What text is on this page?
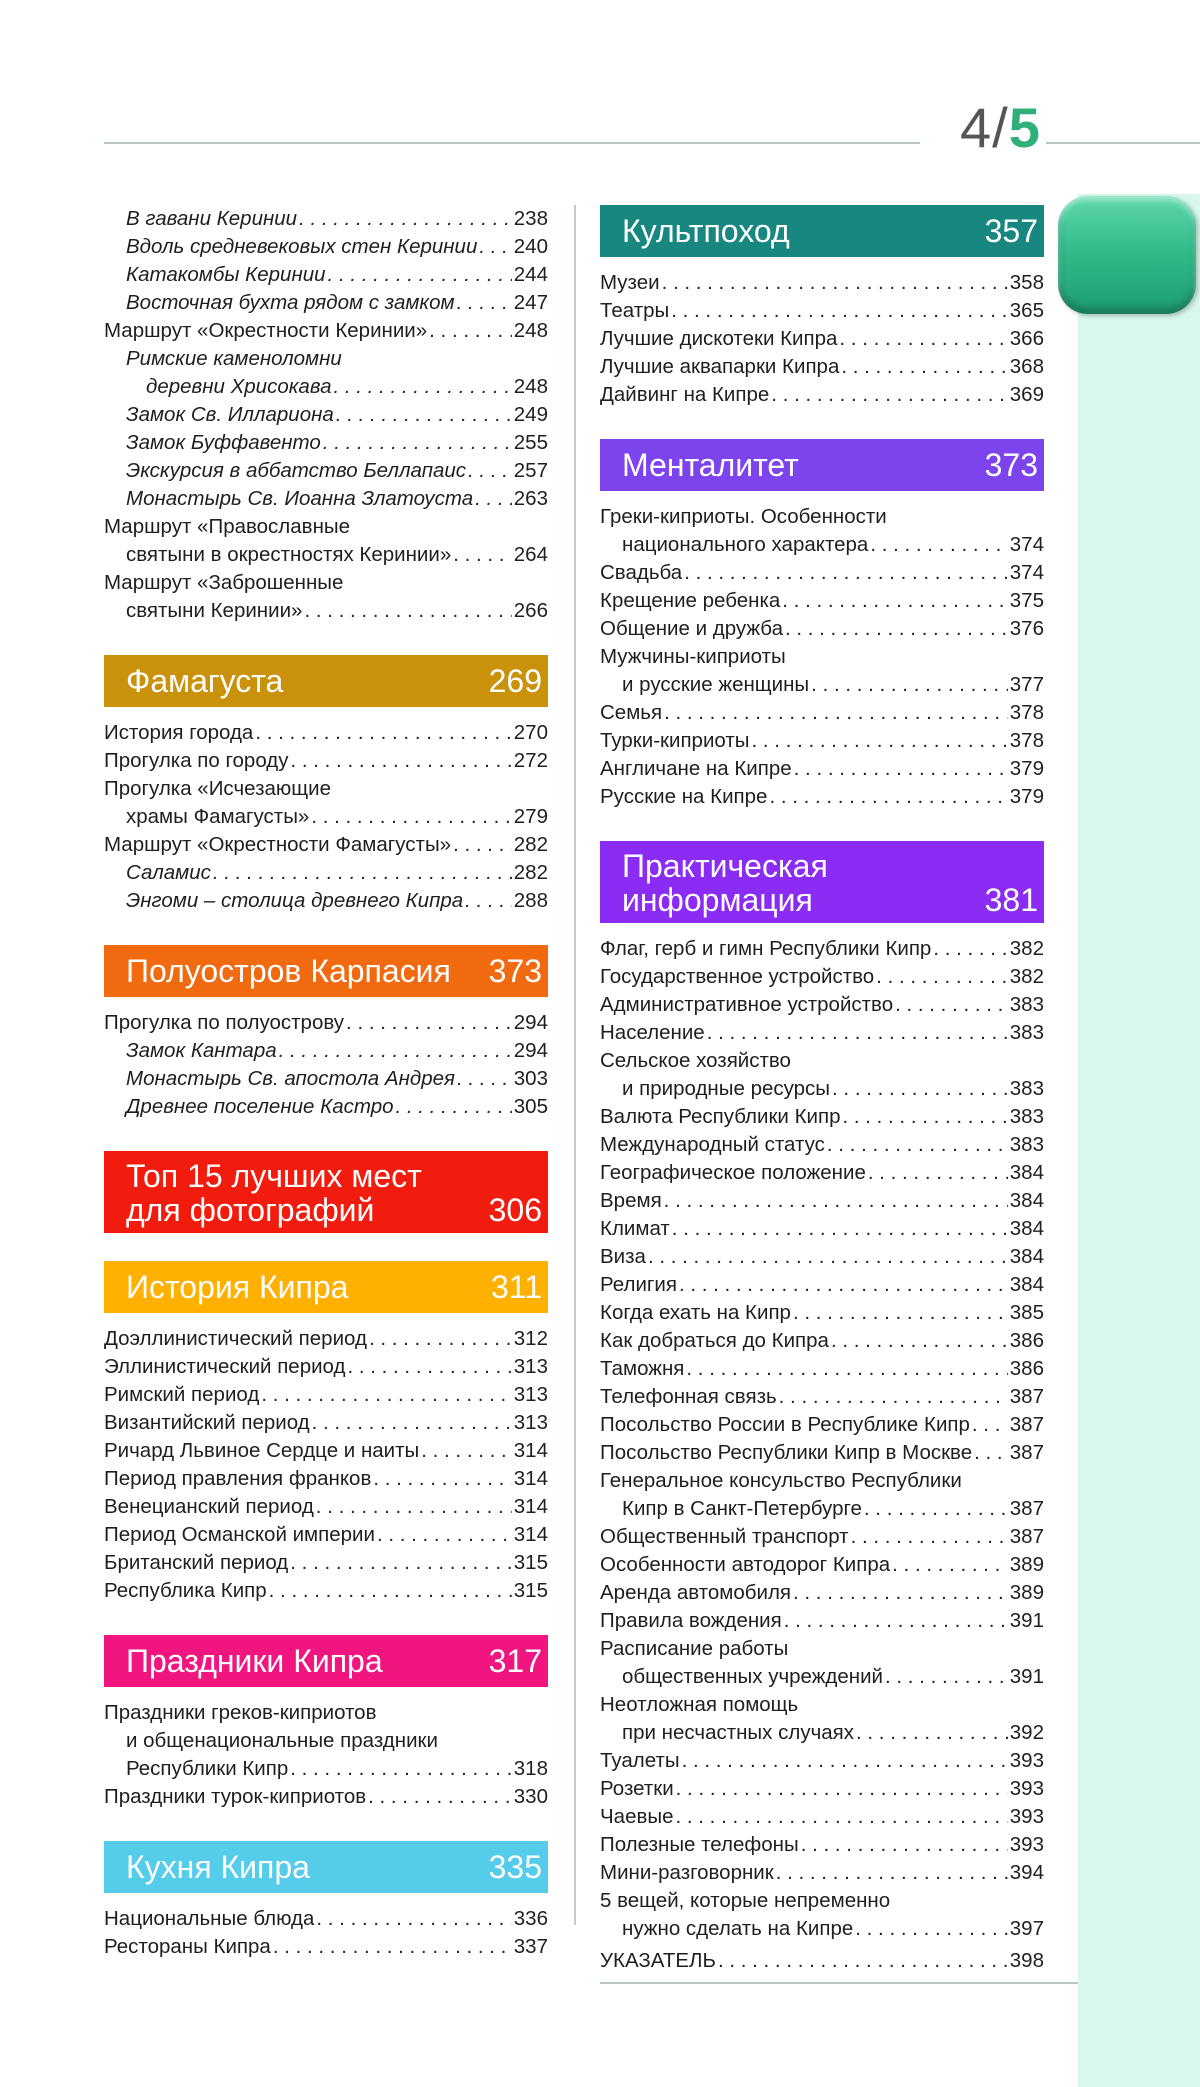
4/5
В гавани Керинии . . .	238
Вдоль средневековых стен Керинии . . . 240
Катакомбы Керинии . . .	244
Восточная бухта рядом с замком . . .	247
Маршрут «Окрестности Керинии» . . .	248
Римские каменоломни
деревни Хрисокава . . .	248
Замок Св. Иллариона . . .	249
Замок Буффавенто . . .	255
Экскурсия в аббатство Беллапаис . . . 257
Монастырь Св. Иоанна Златоуста . . . 263
Маршрут «Православные
святыни в окрестностях Керинии» . . .	264
Маршрут «Заброшенные
святыни Керинии» . . .	266
Фамагуста	269
История города . . .	270
Прогулка по городу . . .	272
Прогулка «Исчезающие
храмы Фамагусты» . . .	279
Маршрут «Окрестности Фамагусты» . . .	282
Саламис . . .	282
Энгоми – столица древнего Кипра . . . 288
Полуостров Карпасия 373
Прогулка по полуострову . . .	294
Замок Кантара . . .	294
Монастырь Св. апостола Андрея . . .	303
Древнее поселение Кастро . . .	305
Топ 15 лучших мест
для фотографий	306
История Кипра	311
Доэллинистический период . . .	312
Эллинистический период . . .	313
Римский период . . .	313
Византийский период . . .	313
Ричард Львиное Сердце и наиты . . .	314
Период правления франков . . .	314
Венецианский период . . .	314
Период Османской империи . . .	314
Британский период . . .	315
Республика Кипр . . .	315
Праздники Кипра	317
Праздники греков-киприотов
и общенациональные праздники
Республики Кипр . . .	318
Праздники турок-киприотов . . .	330
Кухня Кипра	335
Национальные блюда . . .	336
Рестораны Кипра . . .	337
Культпоход	357
Музеи . . .	358
Театры . . .	365
Лучшие дискотеки Кипра . . .	366
Лучшие аквапарки Кипра . . .	368
Дайвинг на Кипре . . .	369
Менталитет	373
Греки-киприоты. Особенности
национального характера . . .	374
Свадьба . . .	374
Крещение ребенка . . .	375
Общение и дружба . . .	376
Мужчины-киприоты
и русские женщины . . .	377
Семья . . .	378
Турки-киприоты . . .	378
Англичане на Кипре . . .	379
Русские на Кипре . . .	379
Практическая
информация	381
Флаг, герб и гимн Республики Кипр . . .	382
Государственное устройство . . .	382
Административное устройство . . .	383
Население . . .	383
Сельское хозяйство
и природные ресурсы . . .	383
Валюта Республики Кипр . . .	383
Международный статус . . .	383
Географическое положение . . .	384
Время . . .	384
Климат . . .	384
Виза . . .	384
Религия . . .	384
Когда ехать на Кипр . . .	385
Как добраться до Кипра . . .	386
Таможня . . .	386
Телефонная связь . . .	387
Посольство России в Республике Кипр . . . 387
Посольство Республики Кипр в Москве . . . 387
Генеральное консульство Республики
Кипр в Санкт-Петербурге . . .	387
Общественный транспорт . . .	387
Особенности автодорог Кипра . . .	389
Аренда автомобиля . . .	389
Правила вождения . . .	391
Расписание работы
общественных учреждений . . .	391
Неотложная помощь
при несчастных случаях . . .	392
Туалеты . . .	393
Розетки . . .	393
Чаевые . . .	393
Полезные телефоны . . .	393
Мини-разговорник . . .	394
5 вещей, которые непременно
нужно сделать на Кипре . . .	397
УКАЗАТЕЛЬ . . .	398
